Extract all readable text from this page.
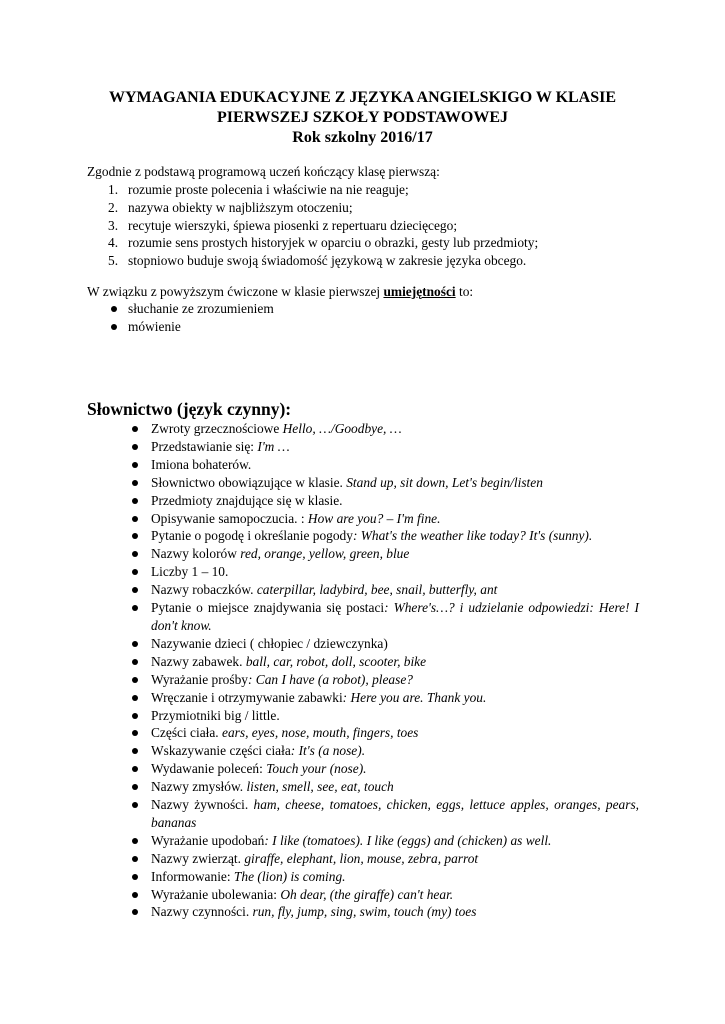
WYMAGANIA EDUKACYJNE Z JĘZYKA ANGIELSKIGO W KLASIE
PIERWSZEJ SZKOŁY PODSTAWOWEJ
Rok szkolny 2016/17
Zgodnie z podstawą programową uczeń kończący klasę pierwszą:
1. rozumie proste polecenia i właściwie na nie reaguje;
2. nazywa obiekty w najbliższym otoczeniu;
3. recytuje wierszyki, śpiewa piosenki z repertuaru dziecięcego;
4. rozumie sens prostych historyjek w oparciu o obrazki, gesty lub przedmioty;
5. stopniowo buduje swoją świadomość językową w zakresie języka obcego.
W związku z powyższym ćwiczone w klasie pierwszej umiejętności to:
słuchanie ze zrozumieniem
mówienie
Słownictwo (język czynny):
Zwroty grzecznościowe Hello, …/Goodbye, …
Przedstawianie się: I'm …
Imiona bohaterów.
Słownictwo obowiązujące w klasie. Stand up, sit down, Let's begin/listen
Przedmioty znajdujące się w klasie.
Opisywanie samopoczucia. : How are you? – I'm fine.
Pytanie o pogodę i określanie pogody: What's the weather like today? It's (sunny).
Nazwy kolorów red, orange, yellow, green, blue
Liczby 1 – 10.
Nazwy robaczków. caterpillar, ladybird, bee, snail, butterfly, ant
Pytanie o miejsce znajdywania się postaci: Where's…? i udzielanie odpowiedzi: Here! I don't know.
Nazywanie dzieci ( chłopiec / dziewczynka)
Nazwy zabawek. ball, car, robot, doll, scooter, bike
Wyrażanie prośby: Can I have (a robot), please?
Wręczanie i otrzymywanie zabawki: Here you are. Thank you.
Przymiotniki big / little.
Części ciała. ears, eyes, nose, mouth, fingers, toes
Wskazywanie części ciała: It's (a nose).
Wydawanie poleceń: Touch your (nose).
Nazwy zmysłów. listen, smell, see, eat, touch
Nazwy żywności. ham, cheese, tomatoes, chicken, eggs, lettuce apples, oranges, pears, bananas
Wyrażanie upodobań: I like (tomatoes). I like (eggs) and (chicken) as well.
Nazwy zwierząt. giraffe, elephant, lion, mouse, zebra, parrot
Informowanie: The (lion) is coming.
Wyrażanie ubolewania: Oh dear, (the giraffe) can't hear.
Nazwy czynności. run, fly, jump, sing, swim, touch (my) toes
